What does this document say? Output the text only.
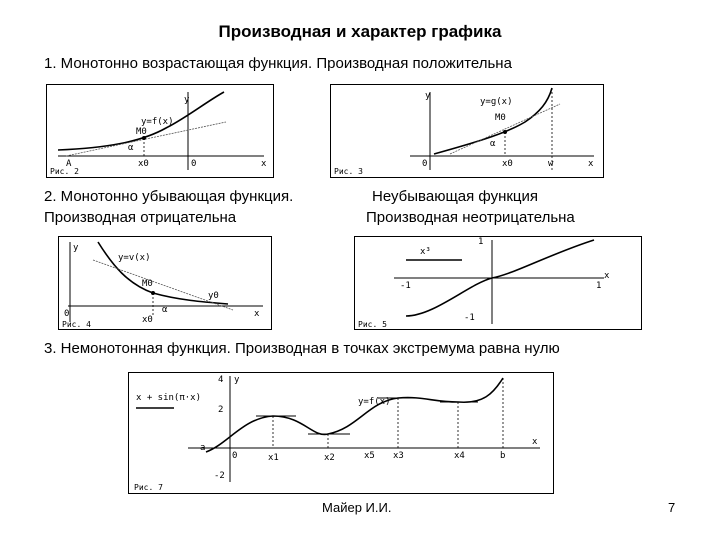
Производная и характер графика
1. Монотонно возрастающая функция. Производная положительна
y
x
y=f(x)
M0
α
x0	0
A
Рис. 2
y
x
y=g(x)
M0
α
x0
0	w
Рис. 3
2. Монотонно убывающая функция.
Производная отрицательна
Неубывающая функция
Производная неотрицательна
y
x
y=v(x)
M0
α
x0
0
y0
Рис. 4
x³
x
1
-1
1
-1
Рис. 5
3. Немонотонная функция. Производная в точках экстремума равна нулю
x + sin(π·x)	y=f(x)
y
x
4
-2
2
a
0	x1	x2	x5 x3	x4	b
Рис. 7
Майер И.И.	7
